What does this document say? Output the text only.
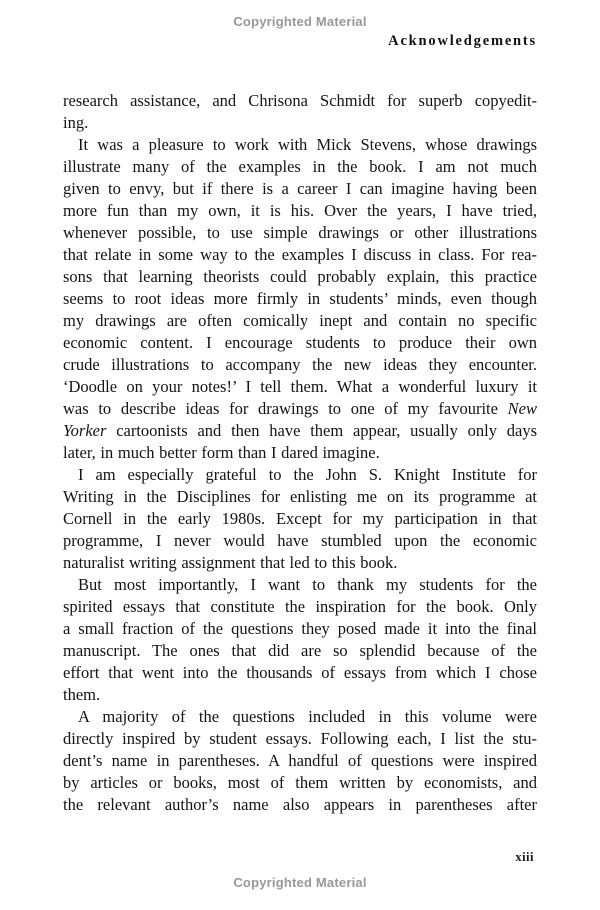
Copyrighted Material
Acknowledgements
research assistance, and Chrisona Schmidt for superb copyedit-
ing.
It was a pleasure to work with Mick Stevens, whose drawings
illustrate many of the examples in the book. I am not much
given to envy, but if there is a career I can imagine having been
more fun than my own, it is his. Over the years, I have tried,
whenever possible, to use simple drawings or other illustrations
that relate in some way to the examples I discuss in class. For rea-
sons that learning theorists could probably explain, this practice
seems to root ideas more firmly in students’ minds, even though
my drawings are often comically inept and contain no specific
economic content. I encourage students to produce their own
crude illustrations to accompany the new ideas they encounter.
‘Doodle on your notes!’ I tell them. What a wonderful luxury it
was to describe ideas for drawings to one of my favourite New
Yorker cartoonists and then have them appear, usually only days
later, in much better form than I dared imagine.
I am especially grateful to the John S. Knight Institute for
Writing in the Disciplines for enlisting me on its programme at
Cornell in the early 1980s. Except for my participation in that
programme, I never would have stumbled upon the economic
naturalist writing assignment that led to this book.
But most importantly, I want to thank my students for the
spirited essays that constitute the inspiration for the book. Only
a small fraction of the questions they posed made it into the final
manuscript. The ones that did are so splendid because of the
effort that went into the thousands of essays from which I chose
them.
A majority of the questions included in this volume were
directly inspired by student essays. Following each, I list the stu-
dent’s name in parentheses. A handful of questions were inspired
by articles or books, most of them written by economists, and
the relevant author’s name also appears in parentheses after
xiii
Copyrighted Material
